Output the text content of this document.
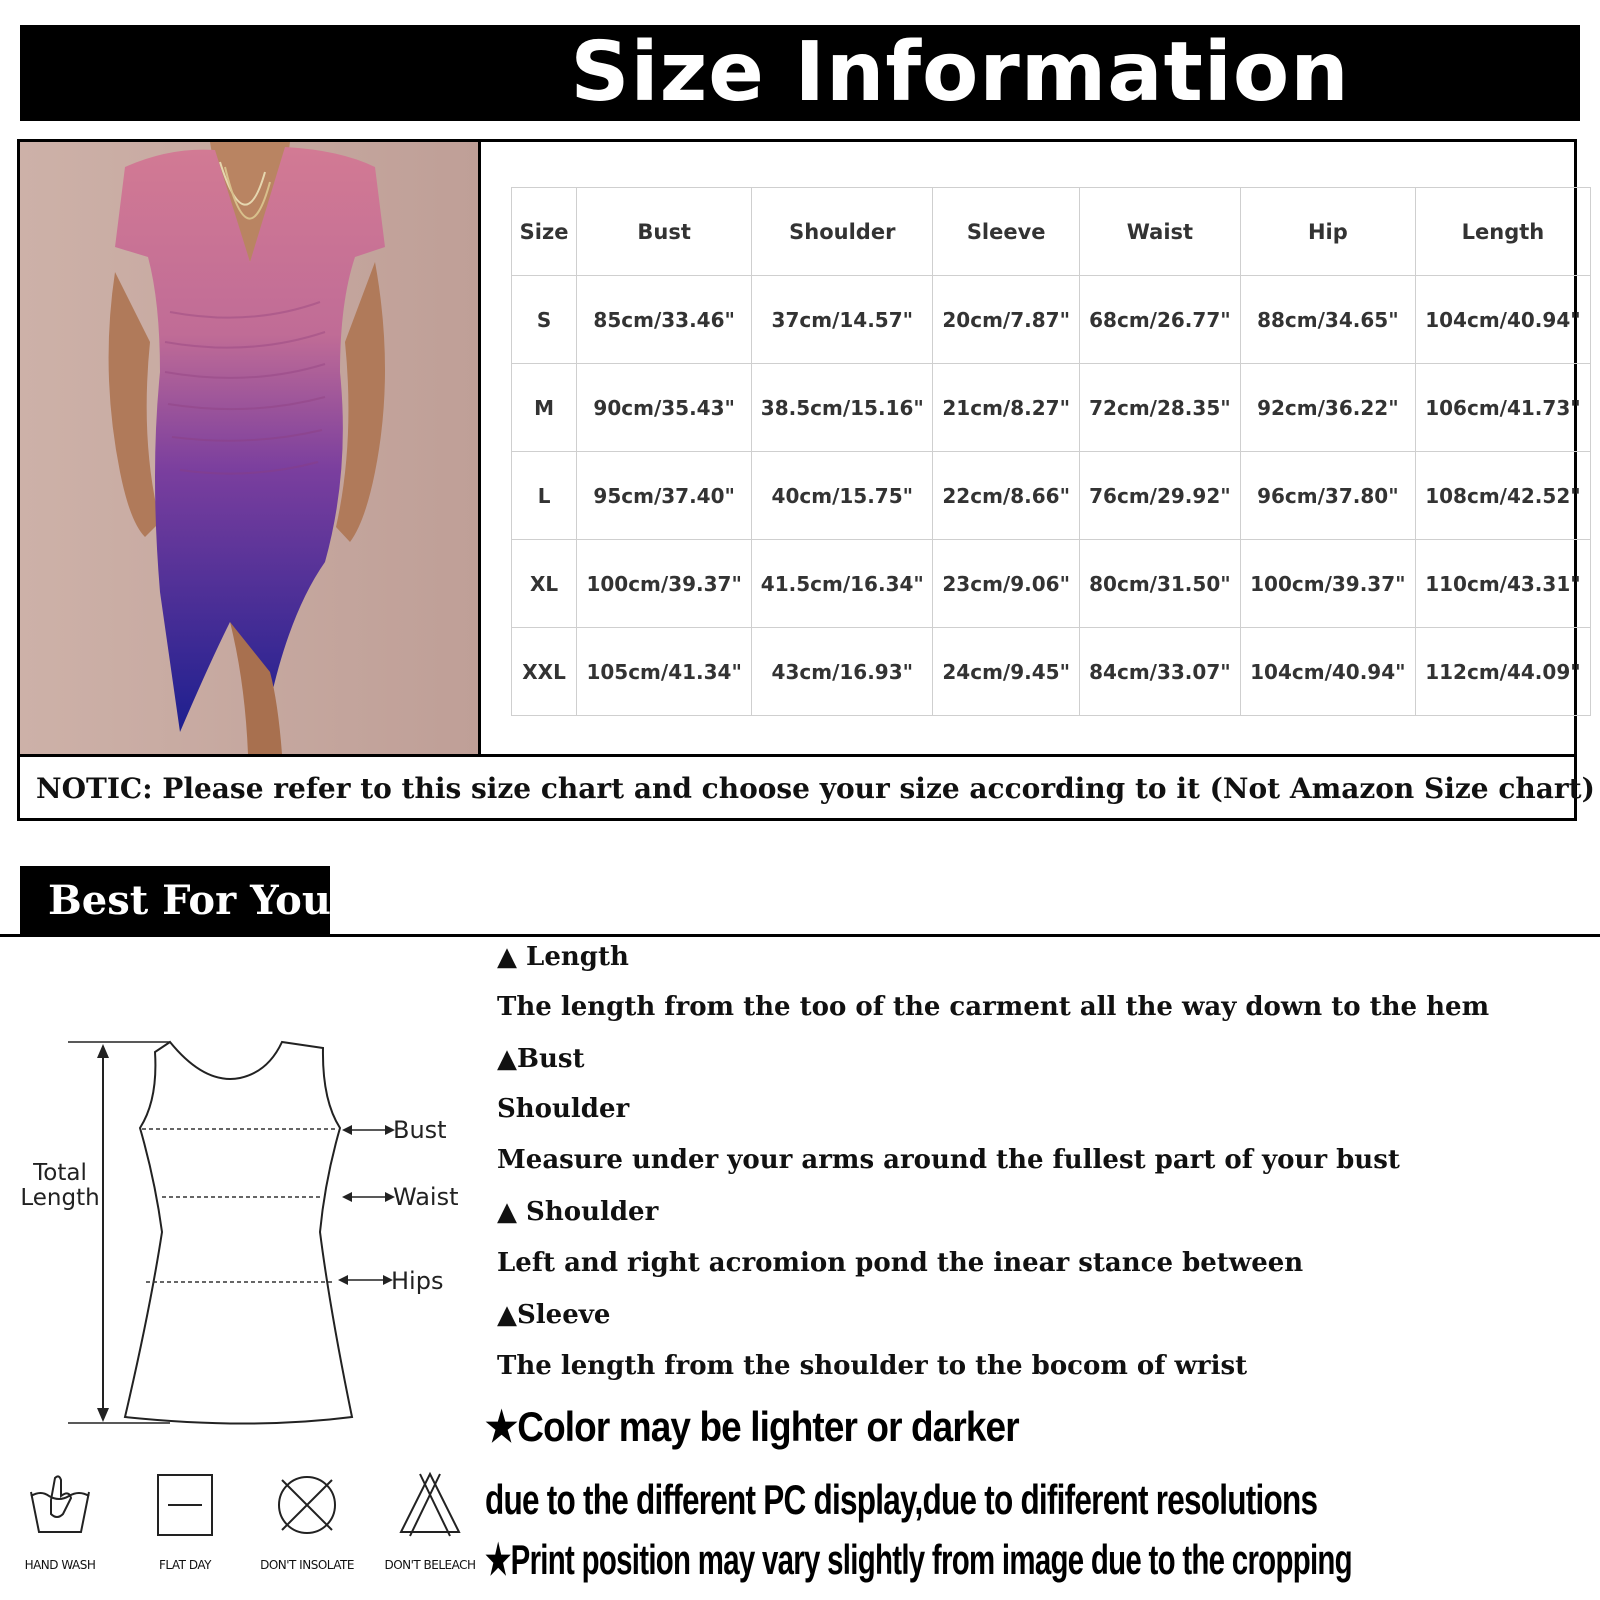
Size Information
Size	Bust	Shoulder	Sleeve	Waist	Hip	Length
S	85cm/33.46"	37cm/14.57"	20cm/7.87"	68cm/26.77"	88cm/34.65"	104cm/40.94"
M	90cm/35.43"	38.5cm/15.16"	21cm/8.27"	72cm/28.35"	92cm/36.22"	106cm/41.73"
L	95cm/37.40"	40cm/15.75"	22cm/8.66"	76cm/29.92"	96cm/37.80"	108cm/42.52"
XL	100cm/39.37"	41.5cm/16.34"	23cm/9.06"	80cm/31.50"	100cm/39.37"	110cm/43.31"
XXL	105cm/41.34"	43cm/16.93"	24cm/9.45"	84cm/33.07"	104cm/40.94"	112cm/44.09"
NOTIC: Please refer to this size chart and choose your size according to it (Not Amazon Size chart)
Best For You
Total
Length
Bust
Waist
Hips
HAND WASH	FLAT DAY	DON'T INSOLATE	DON'T BELEACH
▲ Length
The length from the too of the carment all the way down to the hem
▲Bust
Shoulder
Measure under your arms around the fullest part of your bust
▲ Shoulder
Left and right acromion pond the inear stance between
▲Sleeve
The length from the shoulder to the bocom of wrist
★Color may be lighter or darker
due to the different PC display,due to dififerent resolutions
★Print position may vary slightly from image due to the cropping
